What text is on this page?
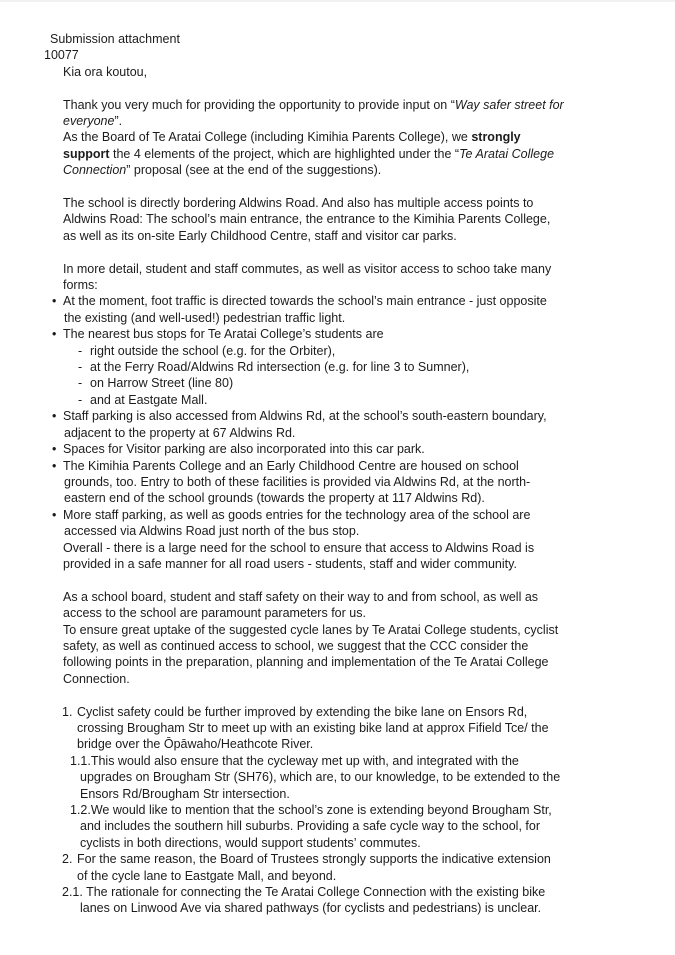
Submission attachment
10077
Kia ora koutou,
Thank you very much for providing the opportunity to provide input on “Way safer street for
everyone”.
As the Board of Te Aratai College (including Kimihia Parents College), we strongly
support the 4 elements of the project, which are highlighted under the “Te Aratai College
Connection” proposal (see at the end of the suggestions).
The school is directly bordering Aldwins Road. And also has multiple access points to
Aldwins Road: The school’s main entrance, the entrance to the Kimihia Parents College,
as well as its on-site Early Childhood Centre, staff and visitor car parks.
In more detail, student and staff commutes, as well as visitor access to schoo take many
forms:
• At the moment, foot traffic is directed towards the school’s main entrance - just opposite
the existing (and well-used!) pedestrian traffic light.
• The nearest bus stops for Te Aratai College’s students are
- right outside the school (e.g. for the Orbiter),
- at the Ferry Road/Aldwins Rd intersection (e.g. for line 3 to Sumner),
- on Harrow Street (line 80)
- and at Eastgate Mall.
• Staff parking is also accessed from Aldwins Rd, at the school’s south-eastern boundary,
adjacent to the property at 67 Aldwins Rd.
• Spaces for Visitor parking are also incorporated into this car park.
• The Kimihia Parents College and an Early Childhood Centre are housed on school
grounds, too. Entry to both of these facilities is provided via Aldwins Rd, at the north-
eastern end of the school grounds (towards the property at 117 Aldwins Rd).
• More staff parking, as well as goods entries for the technology area of the school are
accessed via Aldwins Road just north of the bus stop.
Overall - there is a large need for the school to ensure that access to Aldwins Road is
provided in a safe manner for all road users - students, staff and wider community.
As a school board, student and staff safety on their way to and from school, as well as
access to the school are paramount parameters for us.
To ensure great uptake of the suggested cycle lanes by Te Aratai College students, cyclist
safety, as well as continued access to school, we suggest that the CCC consider the
following points in the preparation, planning and implementation of the Te Aratai College
Connection.
1. Cyclist safety could be further improved by extending the bike lane on Ensors Rd,
crossing Brougham Str to meet up with an existing bike land at approx Fifield Tce/ the
bridge over the Ōpāwaho/Heathcote River.
1.1.This would also ensure that the cycleway met up with, and integrated with the
upgrades on Brougham Str (SH76), which are, to our knowledge, to be extended to the
Ensors Rd/Brougham Str intersection.
1.2.We would like to mention that the school’s zone is extending beyond Brougham Str,
and includes the southern hill suburbs. Providing a safe cycle way to the school, for
cyclists in both directions, would support students’ commutes.
2. For the same reason, the Board of Trustees strongly supports the indicative extension
of the cycle lane to Eastgate Mall, and beyond.
2.1. The rationale for connecting the Te Aratai College Connection with the existing bike
lanes on Linwood Ave via shared pathways (for cyclists and pedestrians) is unclear.
